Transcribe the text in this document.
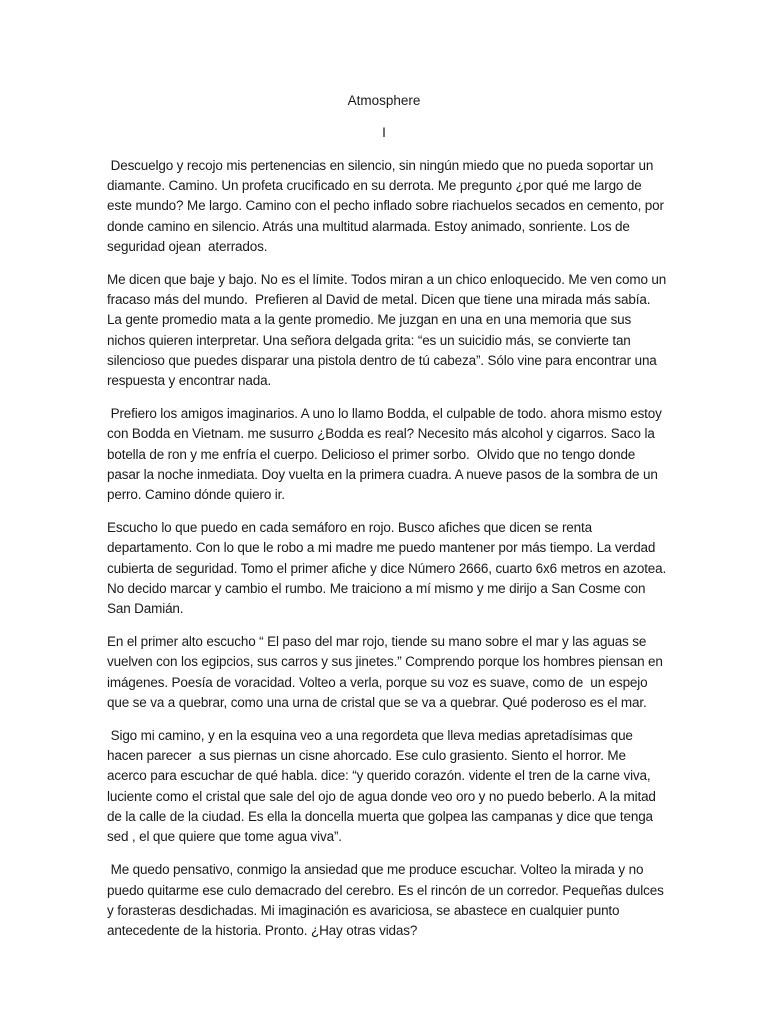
Atmosphere
I

Descuelgo y recojo mis pertenencias en silencio, sin ningún miedo que no pueda soportar un diamante. Camino. Un profeta crucificado en su derrota. Me pregunto ¿por qué me largo de este mundo? Me largo. Camino con el pecho inflado sobre riachuelos secados en cemento, por donde camino en silencio. Atrás una multitud alarmada. Estoy animado, sonriente. Los de seguridad ojean  aterrados.

Me dicen que baje y bajo. No es el límite. Todos miran a un chico enloquecido. Me ven como un fracaso más del mundo.  Prefieren al David de metal. Dicen que tiene una mirada más sabía. La gente promedio mata a la gente promedio. Me juzgan en una en una memoria que sus nichos quieren interpretar. Una señora delgada grita: “es un suicidio más, se convierte tan silencioso que puedes disparar una pistola dentro de tú cabeza”. Sólo vine para encontrar una respuesta y encontrar nada.

Prefiero los amigos imaginarios. A uno lo llamo Bodda, el culpable de todo. ahora mismo estoy con Bodda en Vietnam. me susurro ¿Bodda es real? Necesito más alcohol y cigarros. Saco la botella de ron y me enfría el cuerpo. Delicioso el primer sorbo.  Olvido que no tengo donde pasar la noche inmediata. Doy vuelta en la primera cuadra. A nueve pasos de la sombra de un perro. Camino dónde quiero ir.

Escucho lo que puedo en cada semáforo en rojo. Busco afiches que dicen se renta departamento. Con lo que le robo a mi madre me puedo mantener por más tiempo. La verdad cubierta de seguridad. Tomo el primer afiche y dice Número 2666, cuarto 6x6 metros en azotea. No decido marcar y cambio el rumbo. Me traiciono a mí mismo y me dirijo a San Cosme con San Damián.

En el primer alto escucho “ El paso del mar rojo, tiende su mano sobre el mar y las aguas se vuelven con los egipcios, sus carros y sus jinetes.” Comprendo porque los hombres piensan en imágenes. Poesía de voracidad. Volteo a verla, porque su voz es suave, como de  un espejo que se va a quebrar, como una urna de cristal que se va a quebrar. Qué poderoso es el mar.

Sigo mi camino, y en la esquina veo a una regordeta que lleva medias apretadísimas que hacen parecer  a sus piernas un cisne ahorcado. Ese culo grasiento. Siento el horror. Me acerco para escuchar de qué habla. dice: “y querido corazón. vidente el tren de la carne viva, luciente como el cristal que sale del ojo de agua donde veo oro y no puedo beberlo. A la mitad de la calle de la ciudad. Es ella la doncella muerta que golpea las campanas y dice que tenga sed , el que quiere que tome agua viva”.

Me quedo pensativo, conmigo la ansiedad que me produce escuchar. Volteo la mirada y no puedo quitarme ese culo demacrado del cerebro. Es el rincón de un corredor. Pequeñas dulces y forasteras desdichadas. Mi imaginación es avariciosa, se abastece en cualquier punto antecedente de la historia. Pronto. ¿Hay otras vidas?
